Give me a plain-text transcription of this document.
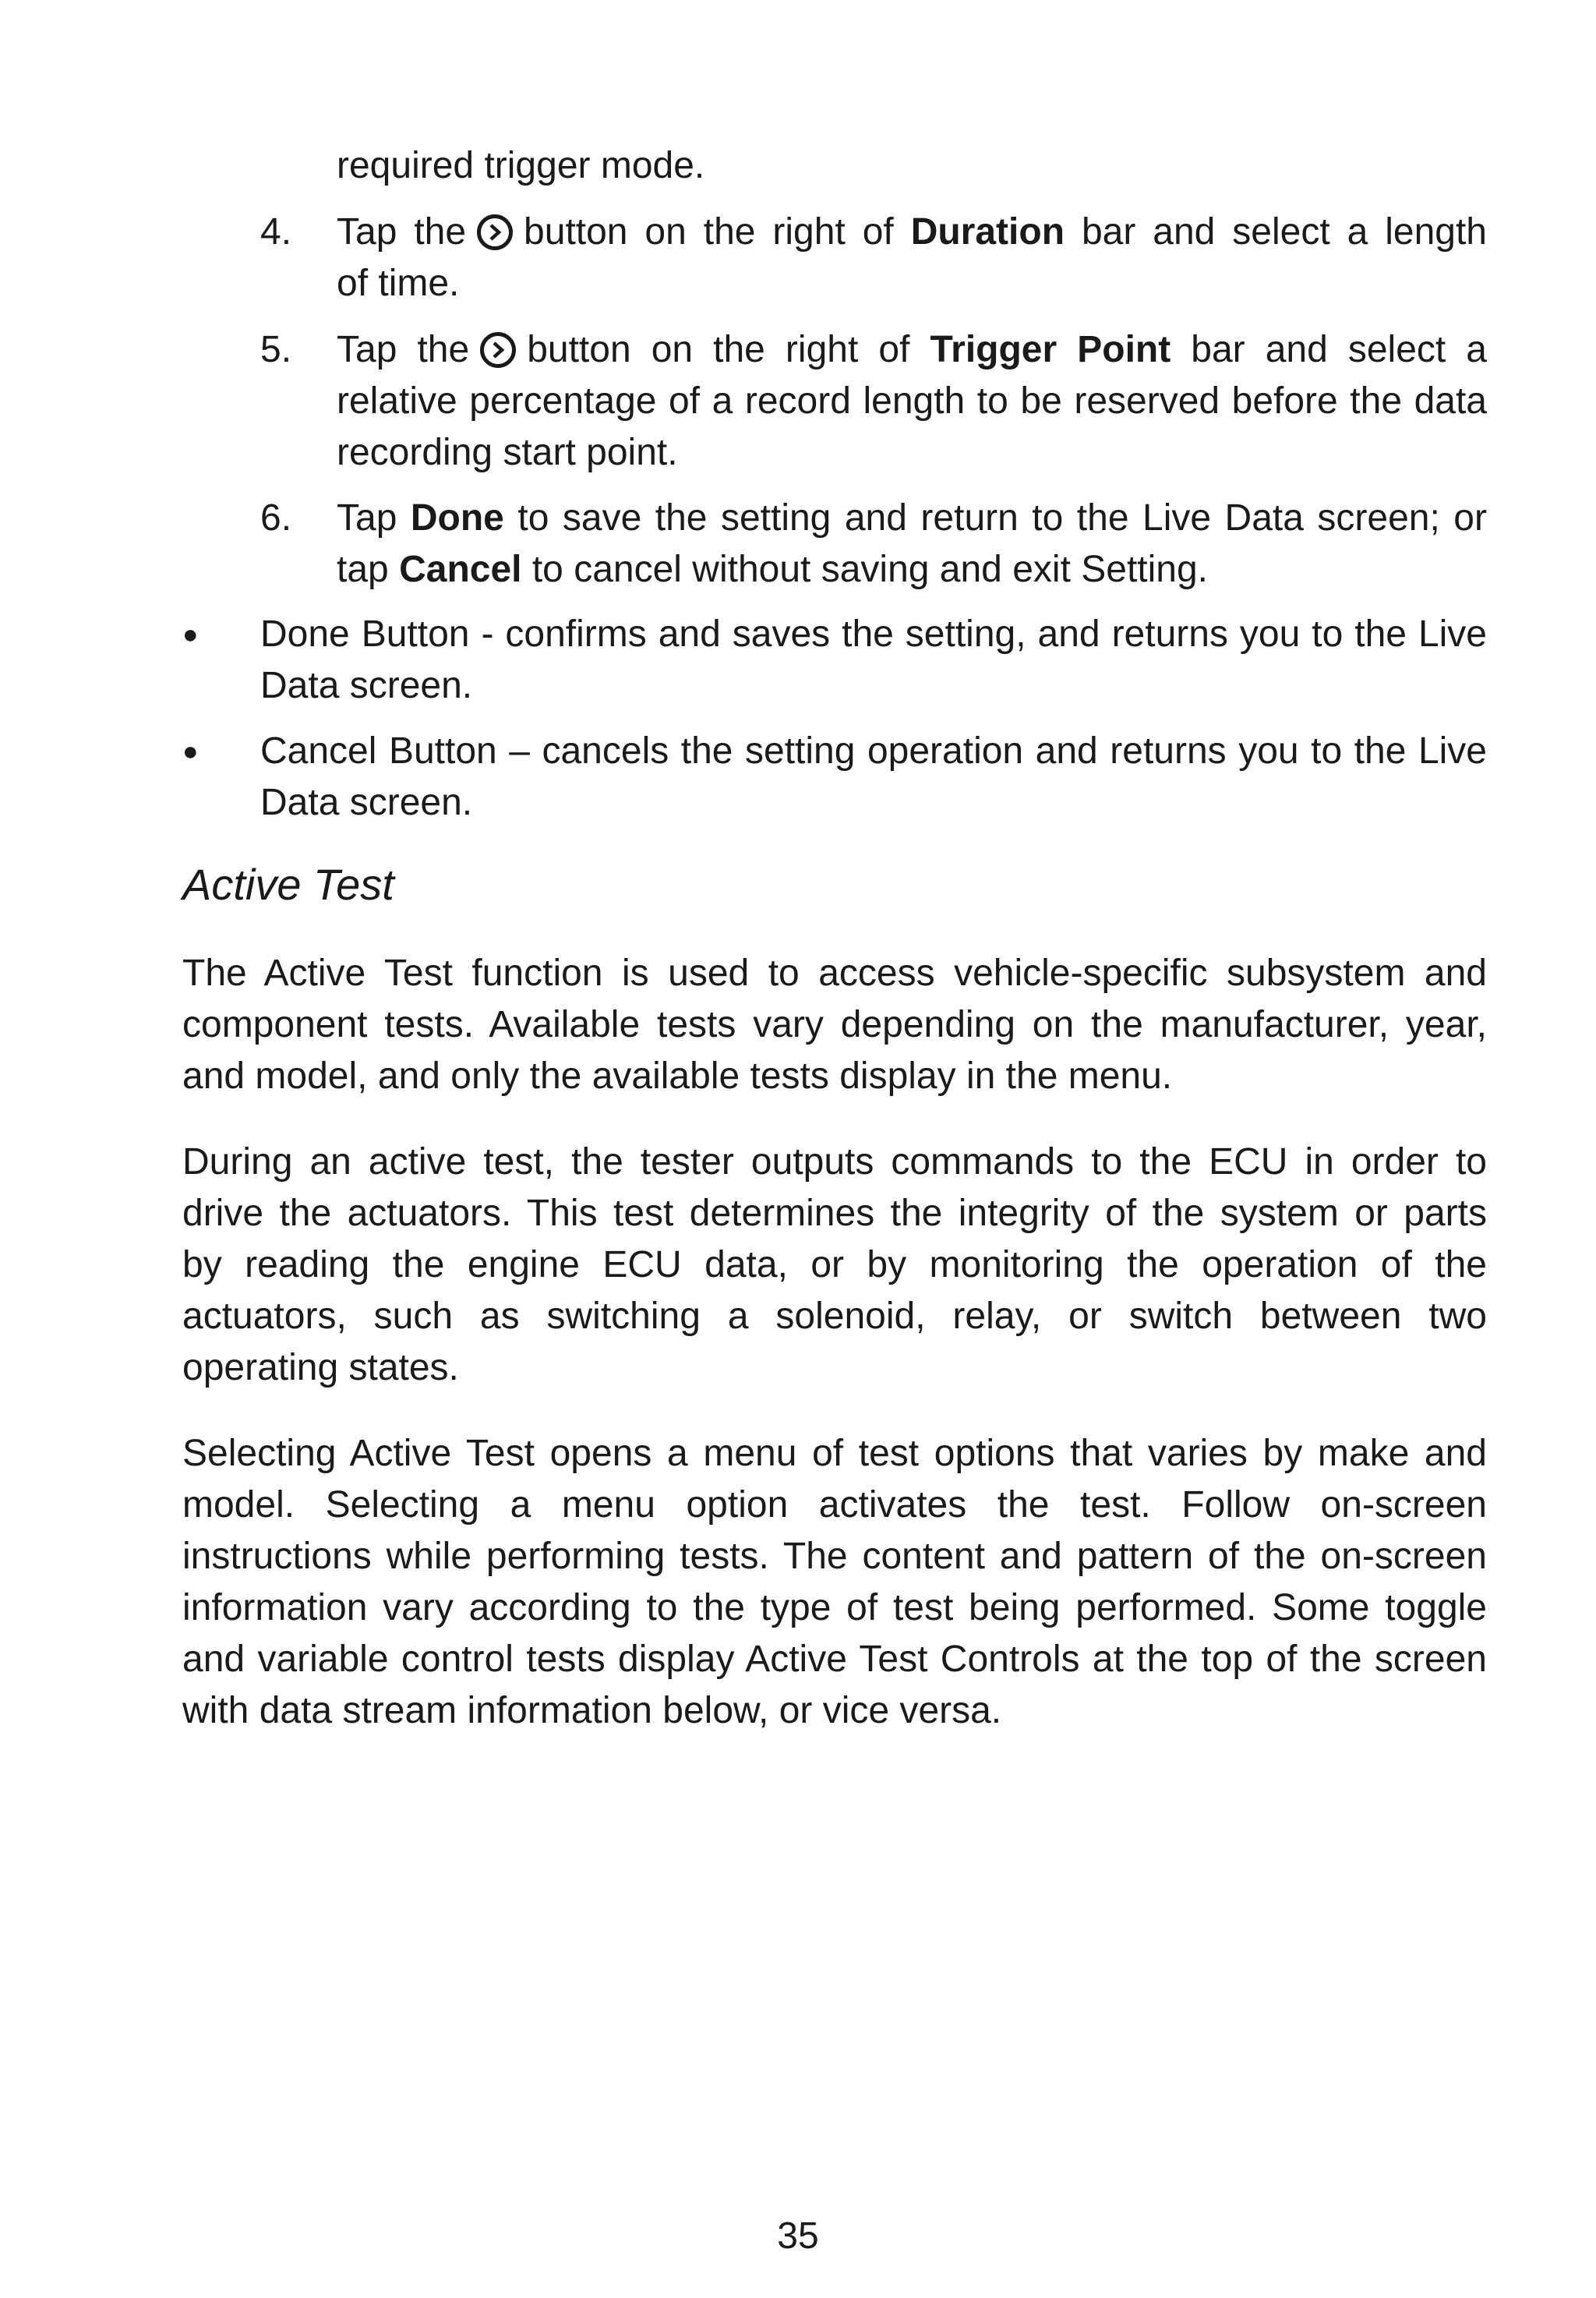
required trigger mode.
4. Tap the button on the right of Duration bar and select a length
of time.
5. Tap the button on the right of Trigger Point bar and select a
relative percentage of a record length to be reserved before the data
recording start point.
6. Tap Done to save the setting and return to the Live Data screen; or
tap Cancel to cancel without saving and exit Setting.
● Done Button - confirms and saves the setting, and returns you to the Live
Data screen.
● Cancel Button – cancels the setting operation and returns you to the Live
Data screen.
Active Test
The Active Test function is used to access vehicle-specific subsystem and
component tests. Available tests vary depending on the manufacturer, year,
and model, and only the available tests display in the menu.
During an active test, the tester outputs commands to the ECU in order to
drive the actuators. This test determines the integrity of the system or parts
by reading the engine ECU data, or by monitoring the operation of the
actuators, such as switching a solenoid, relay, or switch between two
operating states.
Selecting Active Test opens a menu of test options that varies by make and
model. Selecting a menu option activates the test. Follow on-screen
instructions while performing tests. The content and pattern of the on-screen
information vary according to the type of test being performed. Some toggle
and variable control tests display Active Test Controls at the top of the screen
with data stream information below, or vice versa.
35
